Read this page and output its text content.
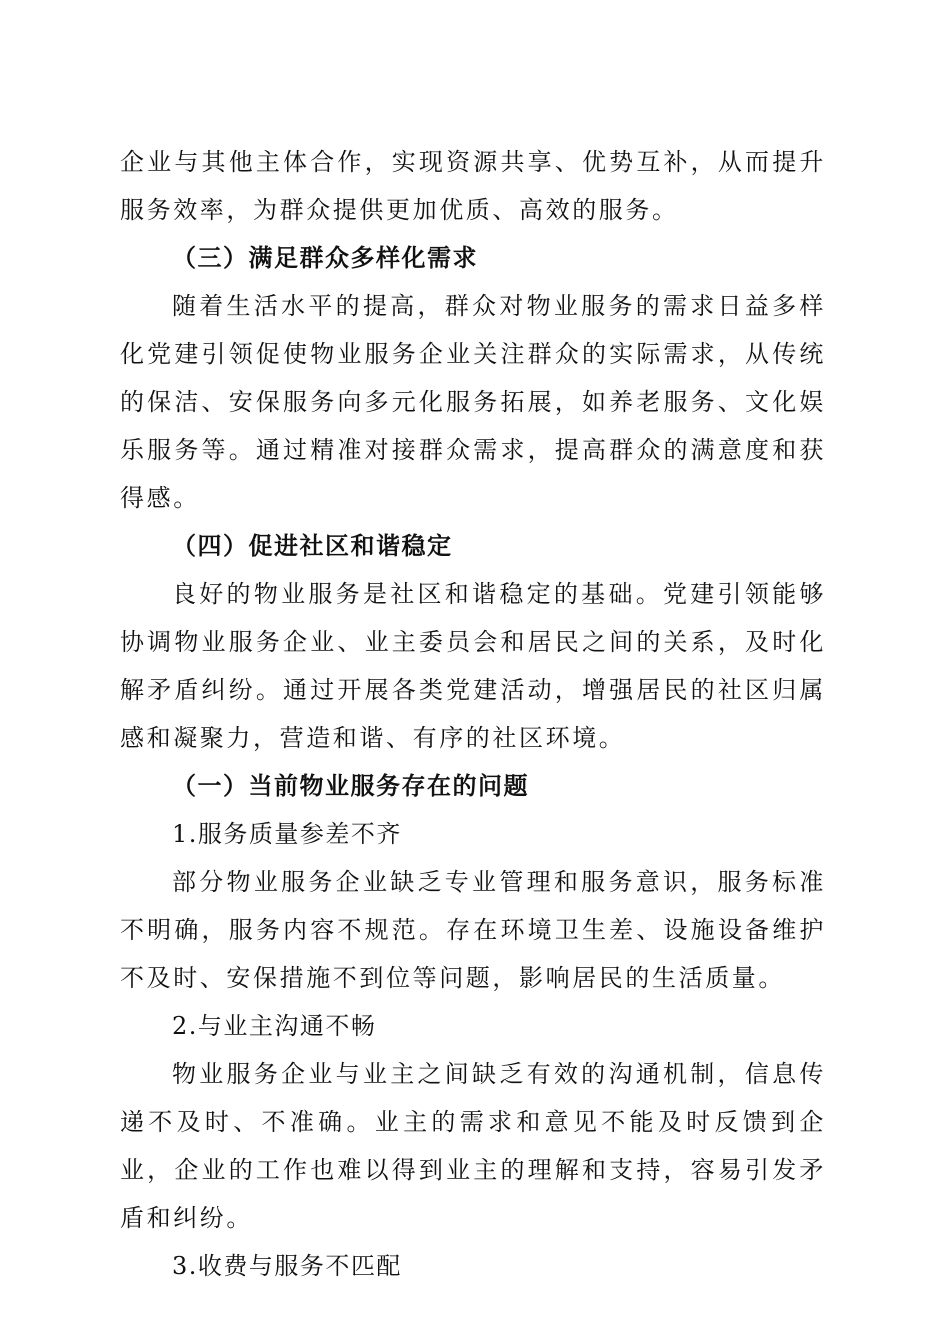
企业与其他主体合作，实现资源共享、优势互补，从而提升服务效率，为群众提供更加优质、高效的服务。

（三）满足群众多样化需求

随着生活水平的提高，群众对物业服务的需求日益多样化党建引领促使物业服务企业关注群众的实际需求，从传统的保洁、安保服务向多元化服务拓展，如养老服务、文化娱乐服务等。通过精准对接群众需求，提高群众的满意度和获得感。

（四）促进社区和谐稳定

良好的物业服务是社区和谐稳定的基础。党建引领能够协调物业服务企业、业主委员会和居民之间的关系，及时化解矛盾纠纷。通过开展各类党建活动，增强居民的社区归属感和凝聚力，营造和谐、有序的社区环境。

（一）当前物业服务存在的问题

1.服务质量参差不齐

部分物业服务企业缺乏专业管理和服务意识，服务标准不明确，服务内容不规范。存在环境卫生差、设施设备维护不及时、安保措施不到位等问题，影响居民的生活质量。

2.与业主沟通不畅

物业服务企业与业主之间缺乏有效的沟通机制，信息传递不及时、不准确。业主的需求和意见不能及时反馈到企业，企业的工作也难以得到业主的理解和支持，容易引发矛盾和纠纷。

3.收费与服务不匹配
